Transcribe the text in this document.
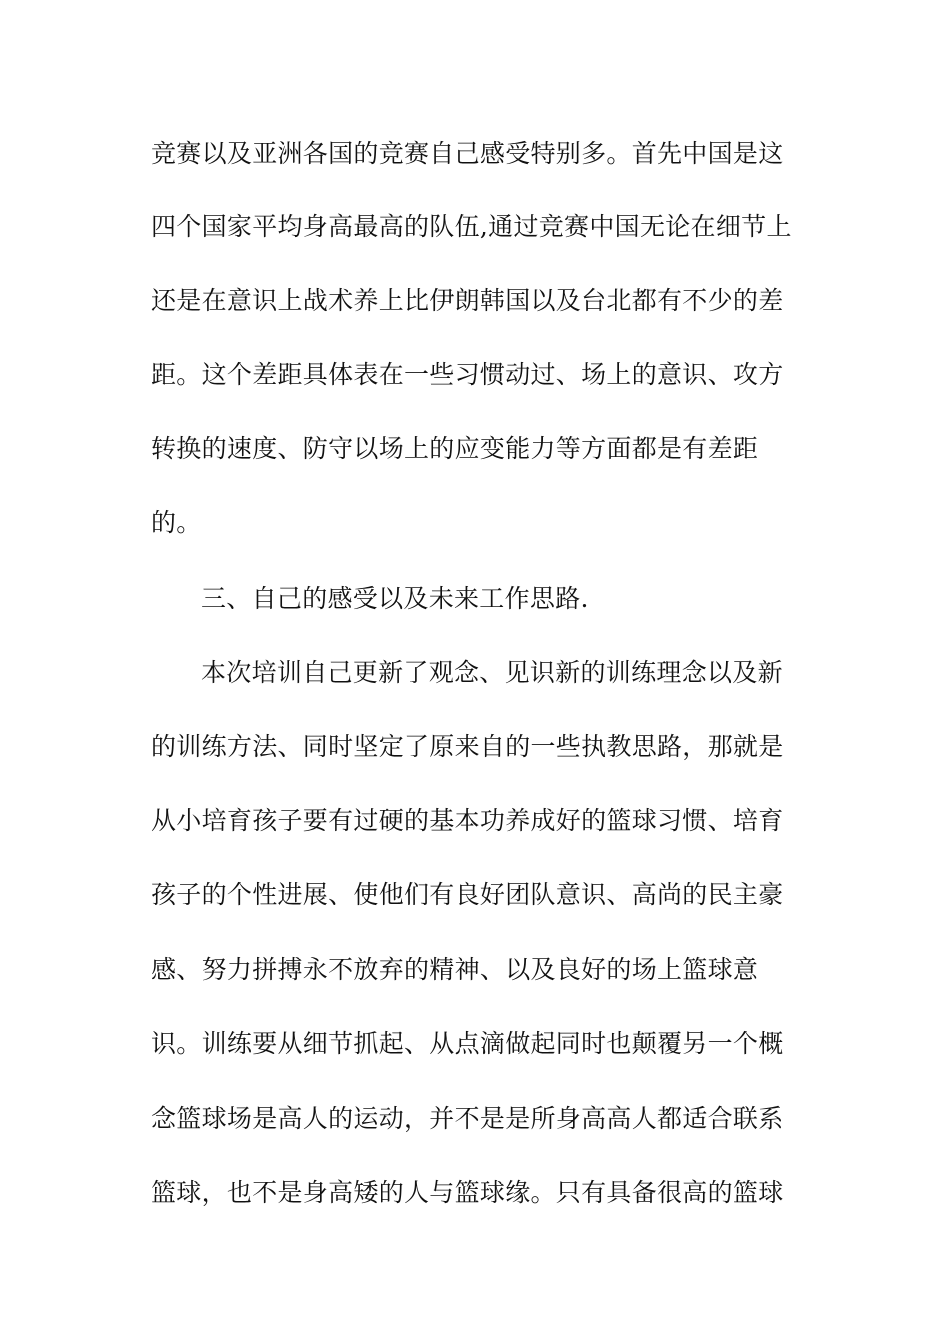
竞赛以及亚洲各国的竞赛自己感受特别多。首先中国是这
四个国家平均身高最高的队伍,通过竞赛中国无论在细节上
还是在意识上战术养上比伊朗韩国以及台北都有不少的差
距。这个差距具体表在一些习惯动过、场上的意识、攻方
转换的速度、防守以场上的应变能力等方面都是有差距
的。
三、自己的感受以及未来工作思路.
本次培训自己更新了观念、见识新的训练理念以及新
的训练方法、同时坚定了原来自的一些执教思路，那就是
从小培育孩子要有过硬的基本功养成好的篮球习惯、培育
孩子的个性进展、使他们有良好团队意识、高尚的民主豪
感、努力拼搏永不放弃的精神、以及良好的场上篮球意
识。训练要从细节抓起、从点滴做起同时也颠覆另一个概
念篮球场是高人的运动，并不是是所身高高人都适合联系
篮球，也不是身高矮的人与篮球缘。只有具备很高的篮球
